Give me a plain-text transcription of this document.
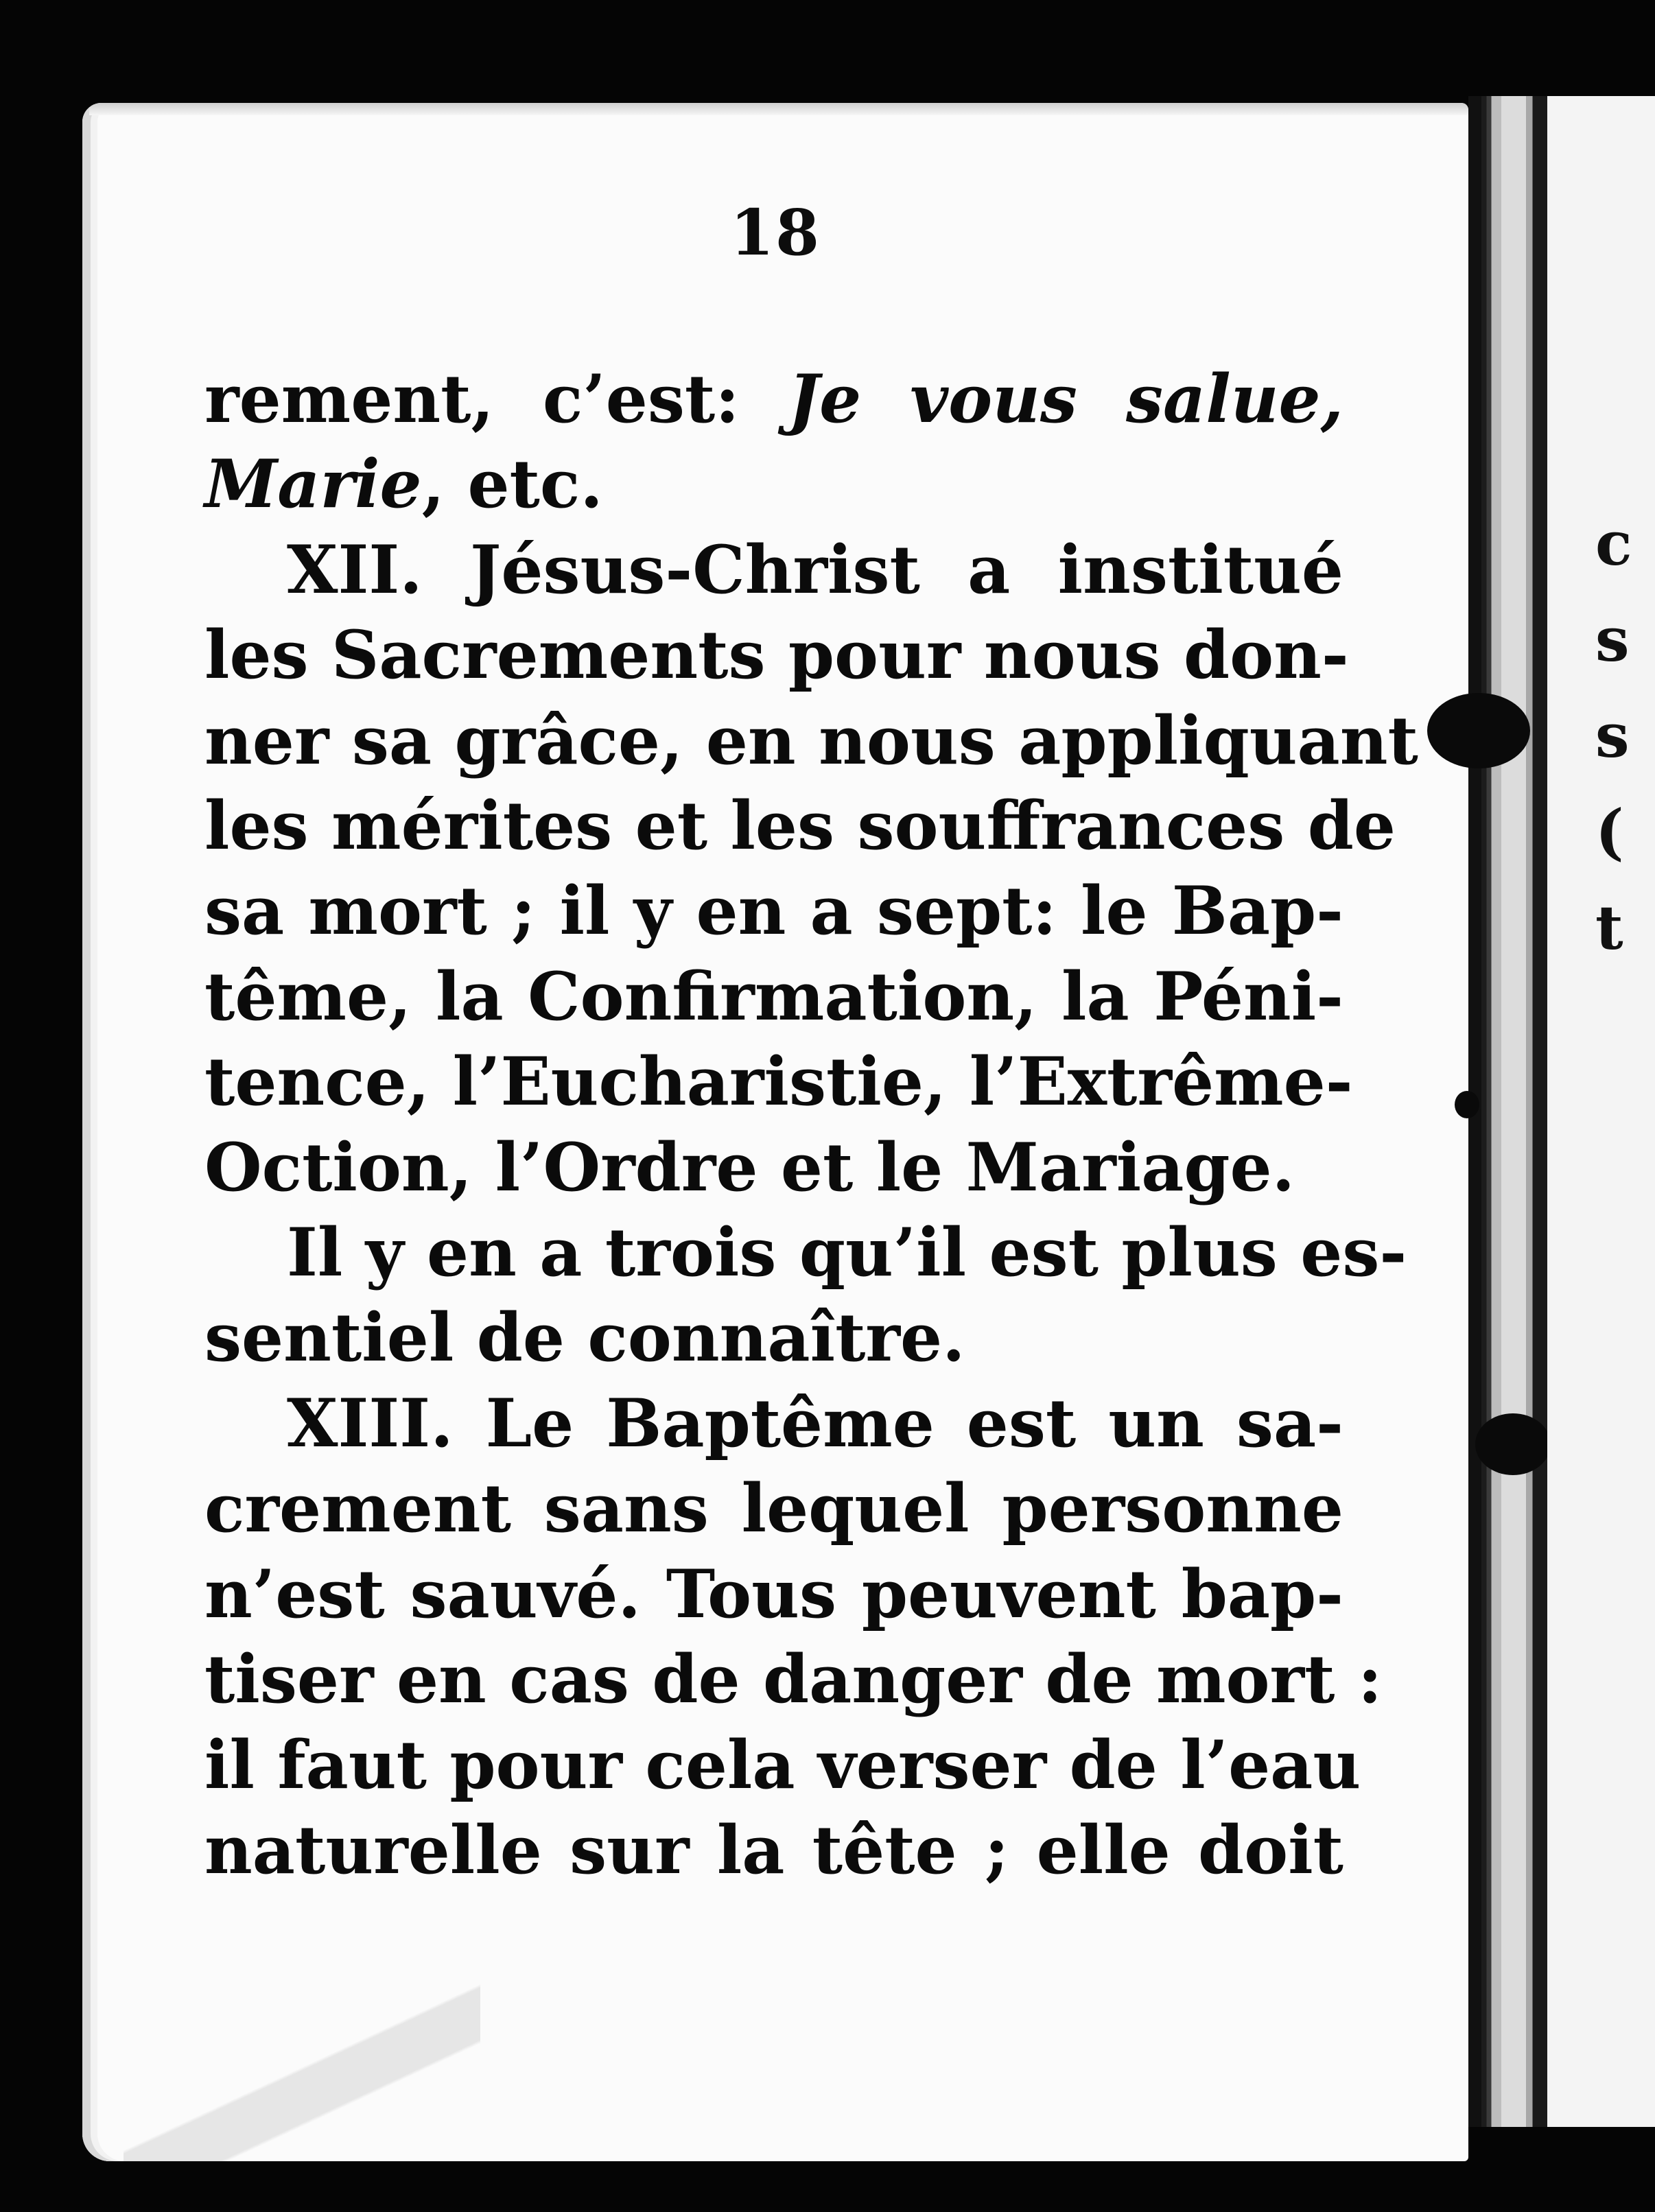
18
rement, c’est: Je vous salue,
Marie, etc.
XII. Jésus-Christ a institué
les Sacrements pour nous don-
ner sa grâce, en nous appliquant
les mérites et les souffrances de
sa mort ; il y en a sept: le Bap-
tême, la Confirmation, la Péni-
tence, l’Eucharistie, l’Extrême-
Oction, l’Ordre et le Mariage.
Il y en a trois qu’il est plus es-
sentiel de connaître.
XIII. Le Baptême est un sa-
crement sans lequel personne
n’est sauvé. Tous peuvent bap-
tiser en cas de danger de mort :
il faut pour cela verser de l’eau
naturelle sur la tête ; elle doit
c
s
s
(
t
